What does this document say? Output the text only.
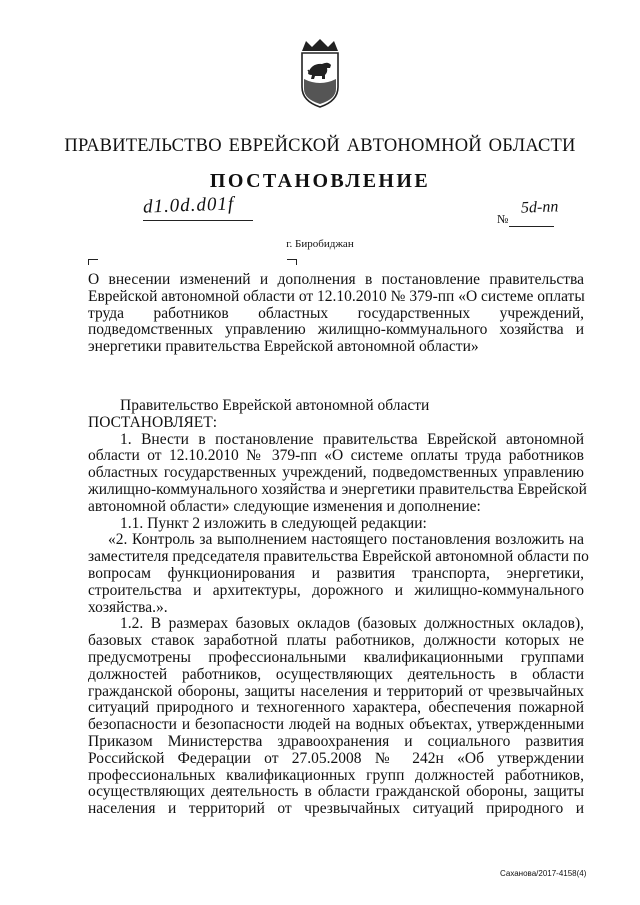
ПРАВИТЕЛЬСТВО ЕВРЕЙСКОЙ АВТОНОМНОЙ ОБЛАСТИ
ПОСТАНОВЛЕНИЕ
d1.0d.d01f
№
5d-пп
г. Биробиджан
О внесении изменений и дополнения в постановление правительства
Еврейской автономной области от 12.10.2010 № 379-пп «О системе оплаты
труда работников областных государственных учреждений,
подведомственных управлению жилищно-коммунального хозяйства и
энергетики правительства Еврейской автономной области»
Правительство Еврейской автономной области
ПОСТАНОВЛЯЕТ:
1. Внести в постановление правительства Еврейской автономной
области от 12.10.2010 № 379-пп «О системе оплаты труда работников
областных государственных учреждений, подведомственных управлению
жилищно-коммунального хозяйства и энергетики правительства Еврейской
автономной области» следующие изменения и дополнение:
1.1. Пункт 2 изложить в следующей редакции:
«2. Контроль за выполнением настоящего постановления возложить на
заместителя председателя правительства Еврейской автономной области по
вопросам функционирования и развития транспорта, энергетики,
строительства и архитектуры, дорожного и жилищно-коммунального
хозяйства.».
1.2. В размерах базовых окладов (базовых должностных окладов),
базовых ставок заработной платы работников, должности которых не
предусмотрены профессиональными квалификационными группами
должностей работников, осуществляющих деятельность в области
гражданской обороны, защиты населения и территорий от чрезвычайных
ситуаций природного и техногенного характера, обеспечения пожарной
безопасности и безопасности людей на водных объектах, утвержденными
Приказом Министерства здравоохранения и социального развития
Российской Федерации от 27.05.2008 № 242н «Об утверждении
профессиональных квалификационных групп должностей работников,
осуществляющих деятельность в области гражданской обороны, защиты
населения и территорий от чрезвычайных ситуаций природного и
Саханова/2017-4158(4)
